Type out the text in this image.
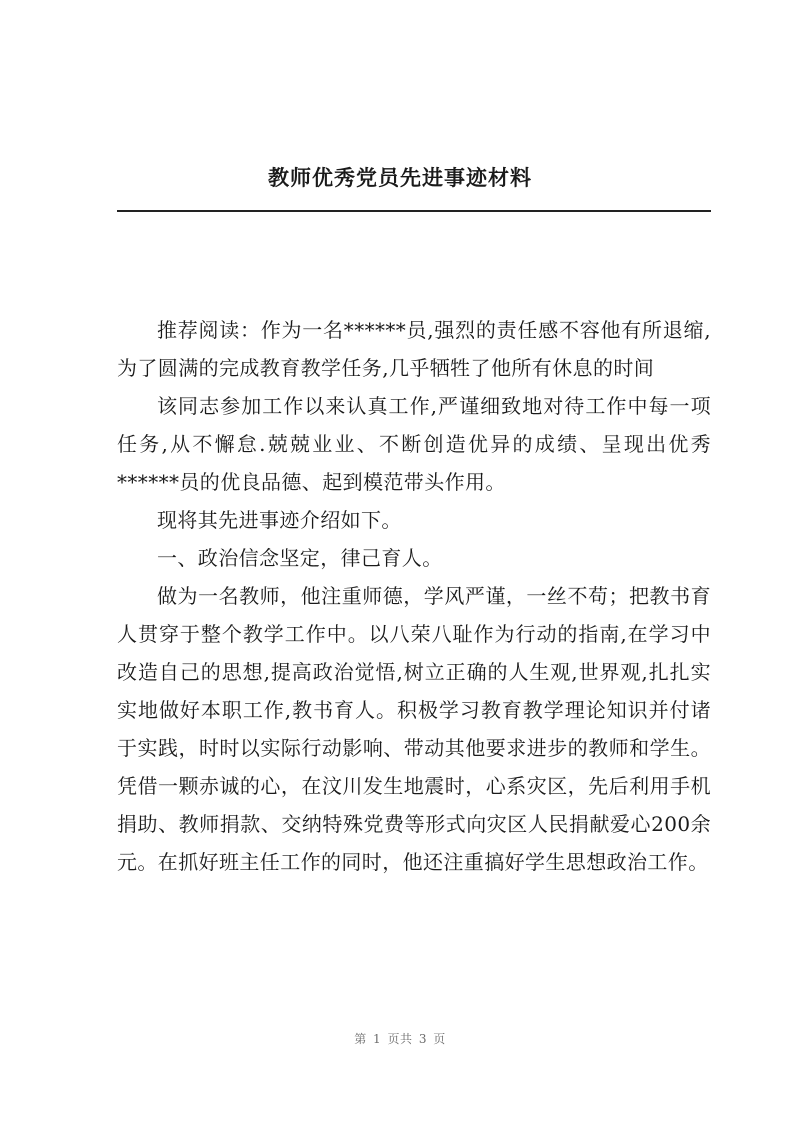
教师优秀党员先进事迹材料

推荐阅读：作为一名******员,强烈的责任感不容他有所退缩,为了圆满的完成教育教学任务,几乎牺牲了他所有休息的时间

该同志参加工作以来认真工作,严谨细致地对待工作中每一项任务,从不懈怠.兢兢业业、不断创造优异的成绩、呈现出优秀******员的优良品德、起到模范带头作用。

现将其先进事迹介绍如下。

一、政治信念坚定，律己育人。

做为一名教师，他注重师德，学风严谨，一丝不苟；把教书育人贯穿于整个教学工作中。以八荣八耻作为行动的指南,在学习中改造自己的思想,提高政治觉悟,树立正确的人生观,世界观,扎扎实实地做好本职工作,教书育人。积极学习教育教学理论知识并付诸于实践，时时以实际行动影响、带动其他要求进步的教师和学生。凭借一颗赤诚的心，在汶川发生地震时，心系灾区，先后利用手机捐助、教师捐款、交纳特殊党费等形式向灾区人民捐献爱心200余元。在抓好班主任工作的同时，他还注重搞好学生思想政治工作。

第 1 页共 3 页
